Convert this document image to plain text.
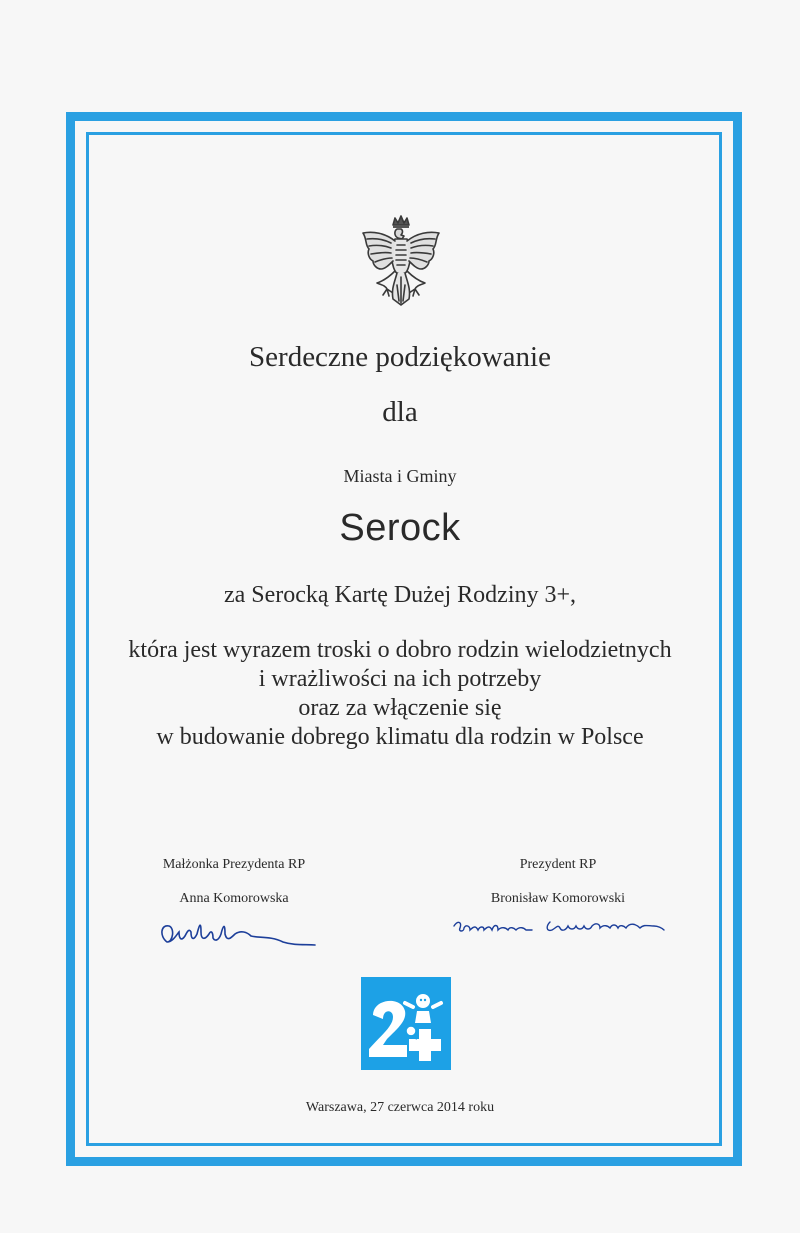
Serdeczne podziękowanie
dla
Miasta i Gminy
Serock
za Serocką Kartę Dużej Rodziny 3+,
która jest wyrazem troski o dobro rodzin wielodzietnych
i wrażliwości na ich potrzeby
oraz za włączenie się
w budowanie dobrego klimatu dla rodzin w Polsce
Małżonka Prezydenta RP
Anna Komorowska
Prezydent RP
Bronisław Komorowski
Warszawa, 27 czerwca 2014 roku
